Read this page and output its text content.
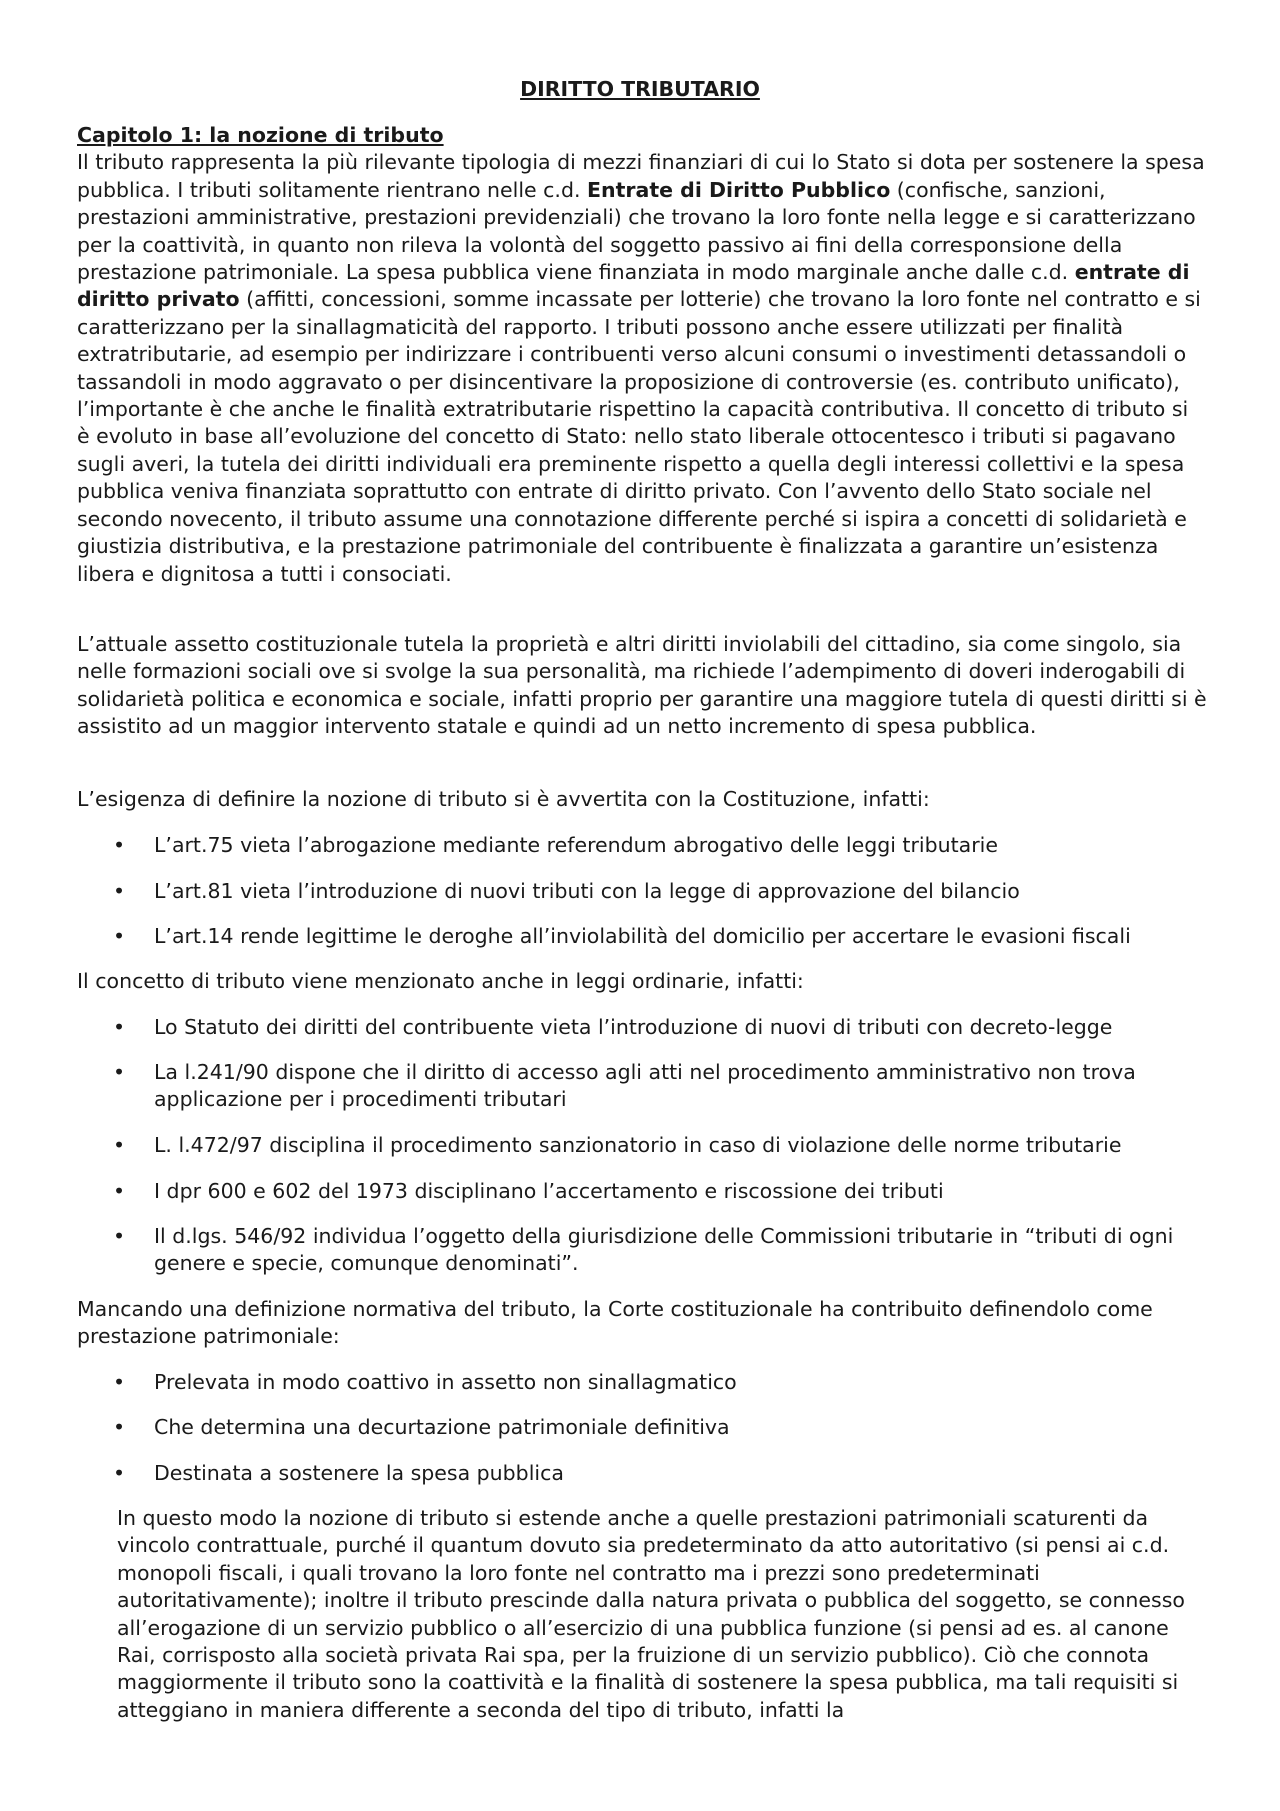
DIRITTO TRIBUTARIO

Capitolo 1: la nozione di tributo

Il tributo rappresenta la più rilevante tipologia di mezzi finanziari di cui lo Stato si dota per sostenere la spesa pubblica. I tributi solitamente rientrano nelle c.d. Entrate di Diritto Pubblico (confische, sanzioni, prestazioni amministrative, prestazioni previdenziali) che trovano la loro fonte nella legge e si caratterizzano per la coattività, in quanto non rileva la volontà del soggetto passivo ai fini della corresponsione della prestazione patrimoniale. La spesa pubblica viene finanziata in modo marginale anche dalle c.d. entrate di diritto privato (affitti, concessioni, somme incassate per lotterie) che trovano la loro fonte nel contratto e si caratterizzano per la sinallagmaticità del rapporto. I tributi possono anche essere utilizzati per finalità extratributarie, ad esempio per indirizzare i contribuenti verso alcuni consumi o investimenti detassandoli o tassandoli in modo aggravato o per disincentivare la proposizione di controversie (es. contributo unificato), l’importante è che anche le finalità extratributarie rispettino la capacità contributiva. Il concetto di tributo si è evoluto in base all’evoluzione del concetto di Stato: nello stato liberale ottocentesco i tributi si pagavano sugli averi, la tutela dei diritti individuali era preminente rispetto a quella degli interessi collettivi e la spesa pubblica veniva finanziata soprattutto con entrate di diritto privato. Con l’avvento dello Stato sociale nel secondo novecento, il tributo assume una connotazione differente perché si ispira a concetti di solidarietà e giustizia distributiva, e la prestazione patrimoniale del contribuente è finalizzata a garantire un’esistenza libera e dignitosa a tutti i consociati.

L’attuale assetto costituzionale tutela la proprietà e altri diritti inviolabili del cittadino, sia come singolo, sia nelle formazioni sociali ove si svolge la sua personalità, ma richiede l’adempimento di doveri inderogabili di solidarietà politica e economica e sociale, infatti proprio per garantire una maggiore tutela di questi diritti si è assistito ad un maggior intervento statale e quindi ad un netto incremento di spesa pubblica.

L’esigenza di definire la nozione di tributo si è avvertita con la Costituzione, infatti:

• L’art.75 vieta l’abrogazione mediante referendum abrogativo delle leggi tributarie
• L’art.81 vieta l’introduzione di nuovi tributi con la legge di approvazione del bilancio
• L’art.14 rende legittime le deroghe all’inviolabilità del domicilio per accertare le evasioni fiscali

Il concetto di tributo viene menzionato anche in leggi ordinarie, infatti:

• Lo Statuto dei diritti del contribuente vieta l’introduzione di nuovi di tributi con decreto-legge
• La l.241/90 dispone che il diritto di accesso agli atti nel procedimento amministrativo non trova applicazione per i procedimenti tributari
• L. l.472/97 disciplina il procedimento sanzionatorio in caso di violazione delle norme tributarie
• I dpr 600 e 602 del 1973 disciplinano l’accertamento e riscossione dei tributi
• Il d.lgs. 546/92 individua l’oggetto della giurisdizione delle Commissioni tributarie in “tributi di ogni genere e specie, comunque denominati”.

Mancando una definizione normativa del tributo, la Corte costituzionale ha contribuito definendolo come prestazione patrimoniale:

• Prelevata in modo coattivo in assetto non sinallagmatico
• Che determina una decurtazione patrimoniale definitiva
• Destinata a sostenere la spesa pubblica

In questo modo la nozione di tributo si estende anche a quelle prestazioni patrimoniali scaturenti da vincolo contrattuale, purché il quantum dovuto sia predeterminato da atto autoritativo (si pensi ai c.d. monopoli fiscali, i quali trovano la loro fonte nel contratto ma i prezzi sono predeterminati autoritativamente); inoltre il tributo prescinde dalla natura privata o pubblica del soggetto, se connesso all’erogazione di un servizio pubblico o all’esercizio di una pubblica funzione (si pensi ad es. al canone Rai, corrisposto alla società privata Rai spa, per la fruizione di un servizio pubblico). Ciò che connota maggiormente il tributo sono la coattività e la finalità di sostenere la spesa pubblica, ma tali requisiti si atteggiano in maniera differente a seconda del tipo di tributo, infatti la
